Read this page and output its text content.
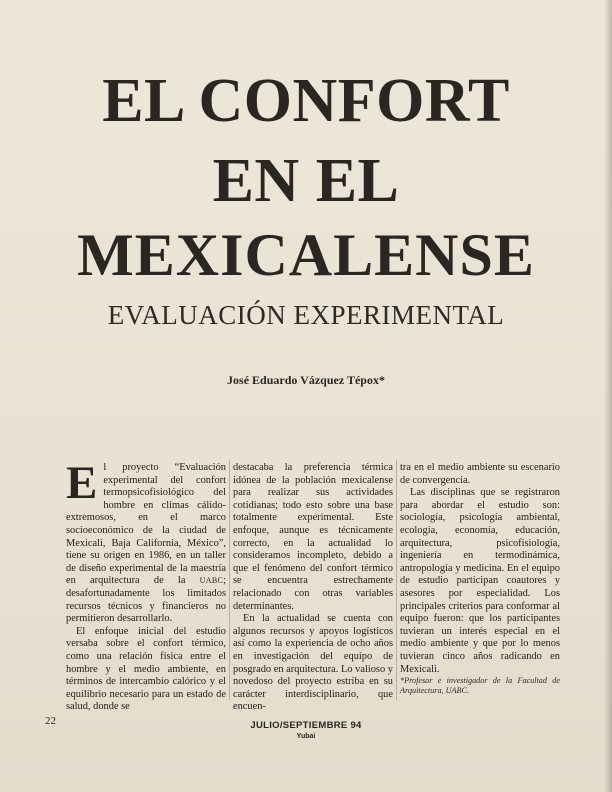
EL CONFORT
EN EL
MEXICALENSE
EVALUACIÓN EXPERIMENTAL
José Eduardo Vázquez Tépox*

El proyecto “Evaluación experimental del confort termopsicofisiológico del hombre en climas cálido-extremosos, en el marco socioeconómico de la ciudad de Mexicali, Baja California, México”, tiene su origen en 1986, en un taller de diseño experimental de la maestría en arquitectura de la UABC; desafortunadamente los limitados recursos técnicos y financieros no permitieron desarrollarlo.

El enfoque inicial del estudio versaba sobre el confort térmico, como una relación física entre el hombre y el medio ambiente, en términos de intercambio calórico y el equilibrio necesario para un estado de salud, donde se

destacaba la preferencia térmica idónea de la población mexicalense para realizar sus actividades cotidianas; todo esto sobre una base totalmente experimental. Este enfoque, aunque es técnicamente correcto, en la actualidad lo consideramos incompleto, debido a que el fenómeno del confort térmico se encuentra estrechamente relacionado con otras variables determinantes.

En la actualidad se cuenta con algunos recursos y apoyos logísticos así como la experiencia de ocho años en investigación del equipo de posgrado en arquitectura. Lo valioso y novedoso del proyecto estriba en su carácter interdisciplinario, que encuen-

tra en el medio ambiente su escenario de convergencia.

Las disciplinas que se registraron para abordar el estudio son: sociología, psicología ambiental, ecología, economía, educación, arquitectura, psicofisiología, ingeniería en termodinámica, antropología y medicina. En el equipo de estudio participan coautores y asesores por especialidad. Los principales criterios para conformar al equipo fueron: que los participantes tuvieran un interés especial en el medio ambiente y que por lo menos tuvieran cinco años radicando en Mexicali.

*Profesor e investigador de la Facultad de Arquitectura, UABC.

22	JULIO/SEPTIEMBRE 94
Yubai
